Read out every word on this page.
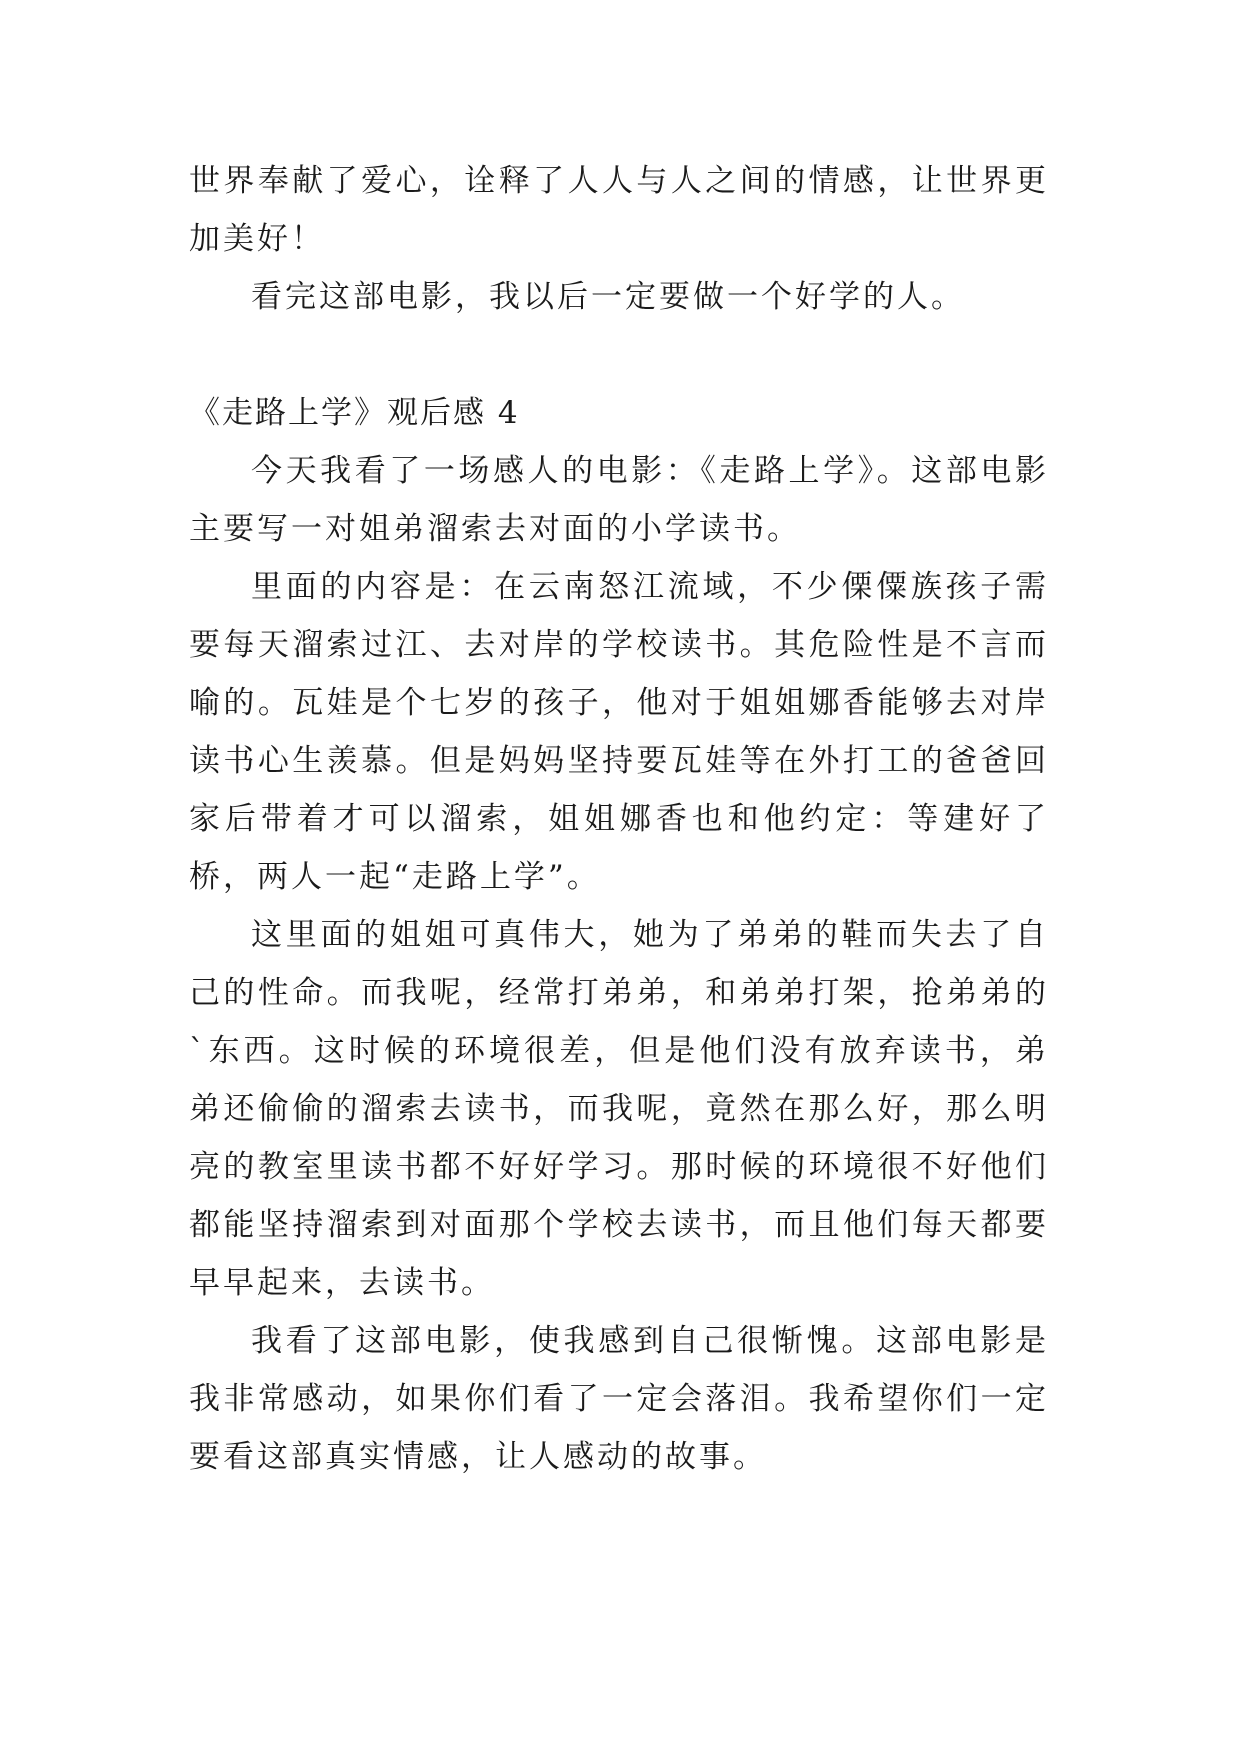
世界奉献了爱心，诠释了人人与人之间的情感，让世界更加美好！

看完这部电影，我以后一定要做一个好学的人。

《走路上学》观后感 4

今天我看了一场感人的电影：《走路上学》。这部电影主要写一对姐弟溜索去对面的小学读书。

里面的内容是：在云南怒江流域，不少傈僳族孩子需要每天溜索过江、去对岸的学校读书。其危险性是不言而喻的。瓦娃是个七岁的孩子，他对于姐姐娜香能够去对岸读书心生羡慕。但是妈妈坚持要瓦娃等在外打工的爸爸回家后带着才可以溜索，姐姐娜香也和他约定：等建好了桥，两人一起“走路上学”。

这里面的姐姐可真伟大，她为了弟弟的鞋而失去了自己的性命。而我呢，经常打弟弟，和弟弟打架，抢弟弟的`东西。这时候的环境很差，但是他们没有放弃读书，弟弟还偷偷的溜索去读书，而我呢，竟然在那么好，那么明亮的教室里读书都不好好学习。那时候的环境很不好他们都能坚持溜索到对面那个学校去读书，而且他们每天都要早早起来，去读书。

我看了这部电影，使我感到自己很惭愧。这部电影是我非常感动，如果你们看了一定会落泪。我希望你们一定要看这部真实情感，让人感动的故事。
